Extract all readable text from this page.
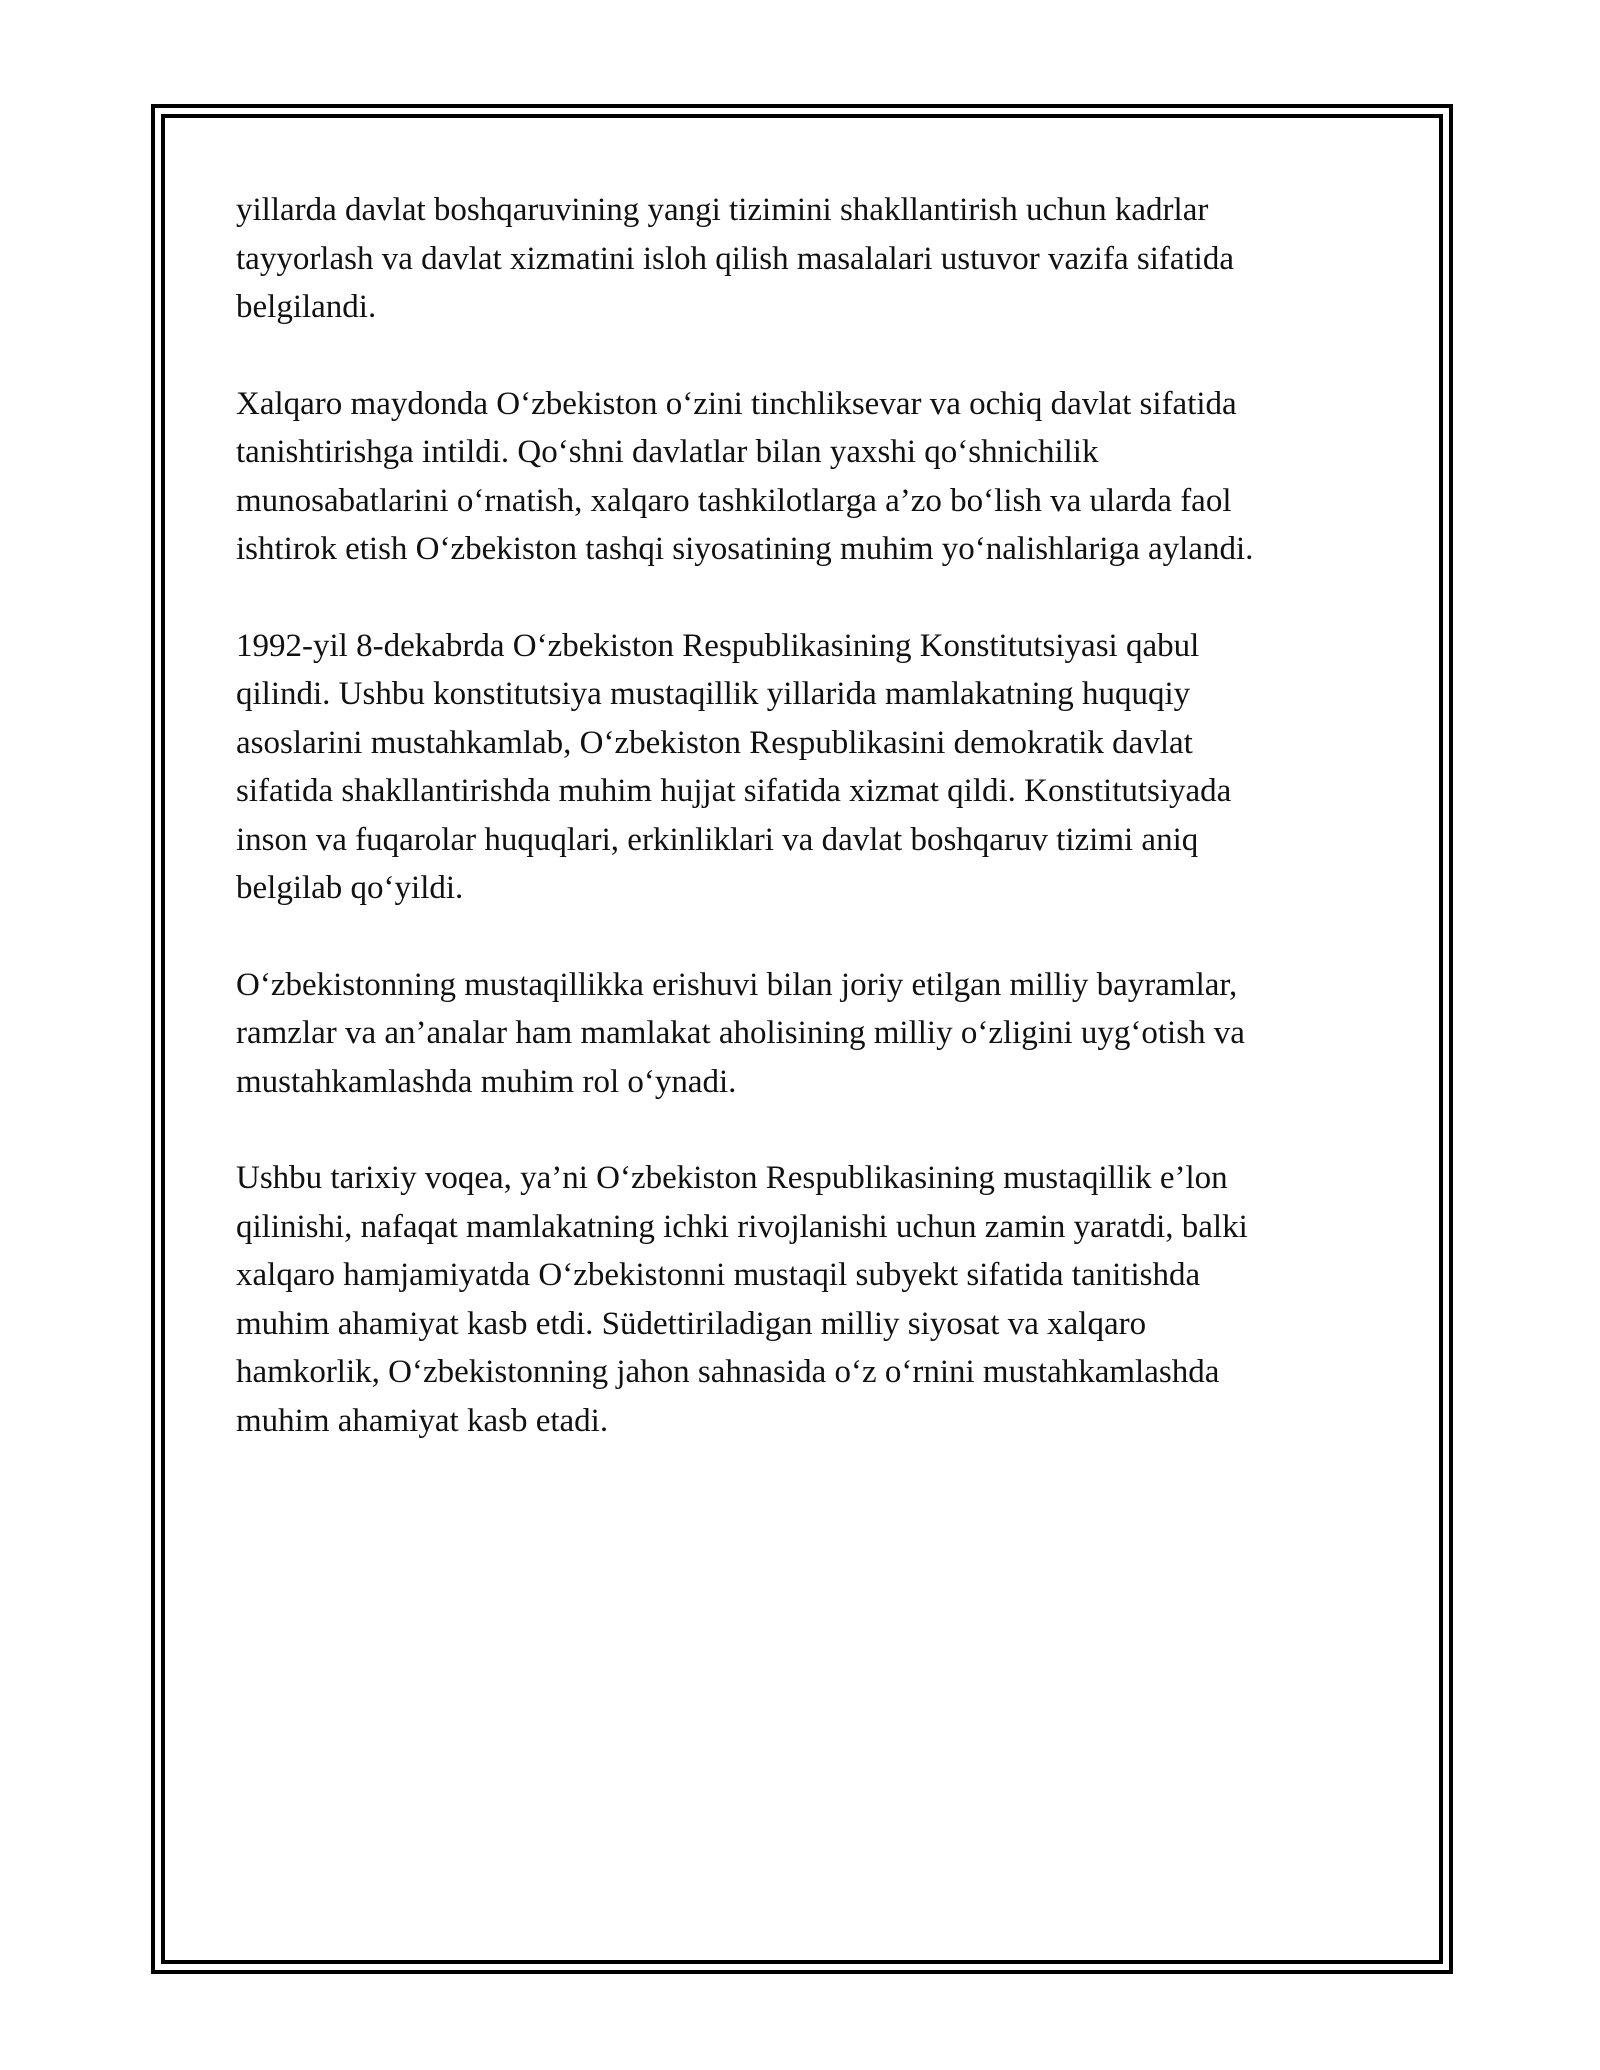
yillarda davlat boshqaruvining yangi tizimini shakllantirish uchun kadrlar
tayyorlash va davlat xizmatini isloh qilish masalalari ustuvor vazifa sifatida
belgilandi.

Xalqaro maydonda O‘zbekiston o‘zini tinchliksevar va ochiq davlat sifatida
tanishtirishga intildi. Qo‘shni davlatlar bilan yaxshi qo‘shnichilik
munosabatlarini o‘rnatish, xalqaro tashkilotlarga a’zo bo‘lish va ularda faol
ishtirok etish O‘zbekiston tashqi siyosatining muhim yo‘nalishlariga aylandi.

1992-yil 8-dekabrda O‘zbekiston Respublikasining Konstitutsiyasi qabul
qilindi. Ushbu konstitutsiya mustaqillik yillarida mamlakatning huquqiy
asoslarini mustahkamlab, O‘zbekiston Respublikasini demokratik davlat
sifatida shakllantirishda muhim hujjat sifatida xizmat qildi. Konstitutsiyada
inson va fuqarolar huquqlari, erkinliklari va davlat boshqaruv tizimi aniq
belgilab qo‘yildi.

O‘zbekistonning mustaqillikka erishuvi bilan joriy etilgan milliy bayramlar,
ramzlar va an’analar ham mamlakat aholisining milliy o‘zligini uyg‘otish va
mustahkamlashda muhim rol o‘ynadi.

Ushbu tarixiy voqea, ya’ni O‘zbekiston Respublikasining mustaqillik e’lon
qilinishi, nafaqat mamlakatning ichki rivojlanishi uchun zamin yaratdi, balki
xalqaro hamjamiyatda O‘zbekistonni mustaqil subyekt sifatida tanitishda
muhim ahamiyat kasb etdi. Südettiriladigan milliy siyosat va xalqaro
hamkorlik, O‘zbekistonning jahon sahnasida o‘z o‘rnini mustahkamlashda
muhim ahamiyat kasb etadi.
